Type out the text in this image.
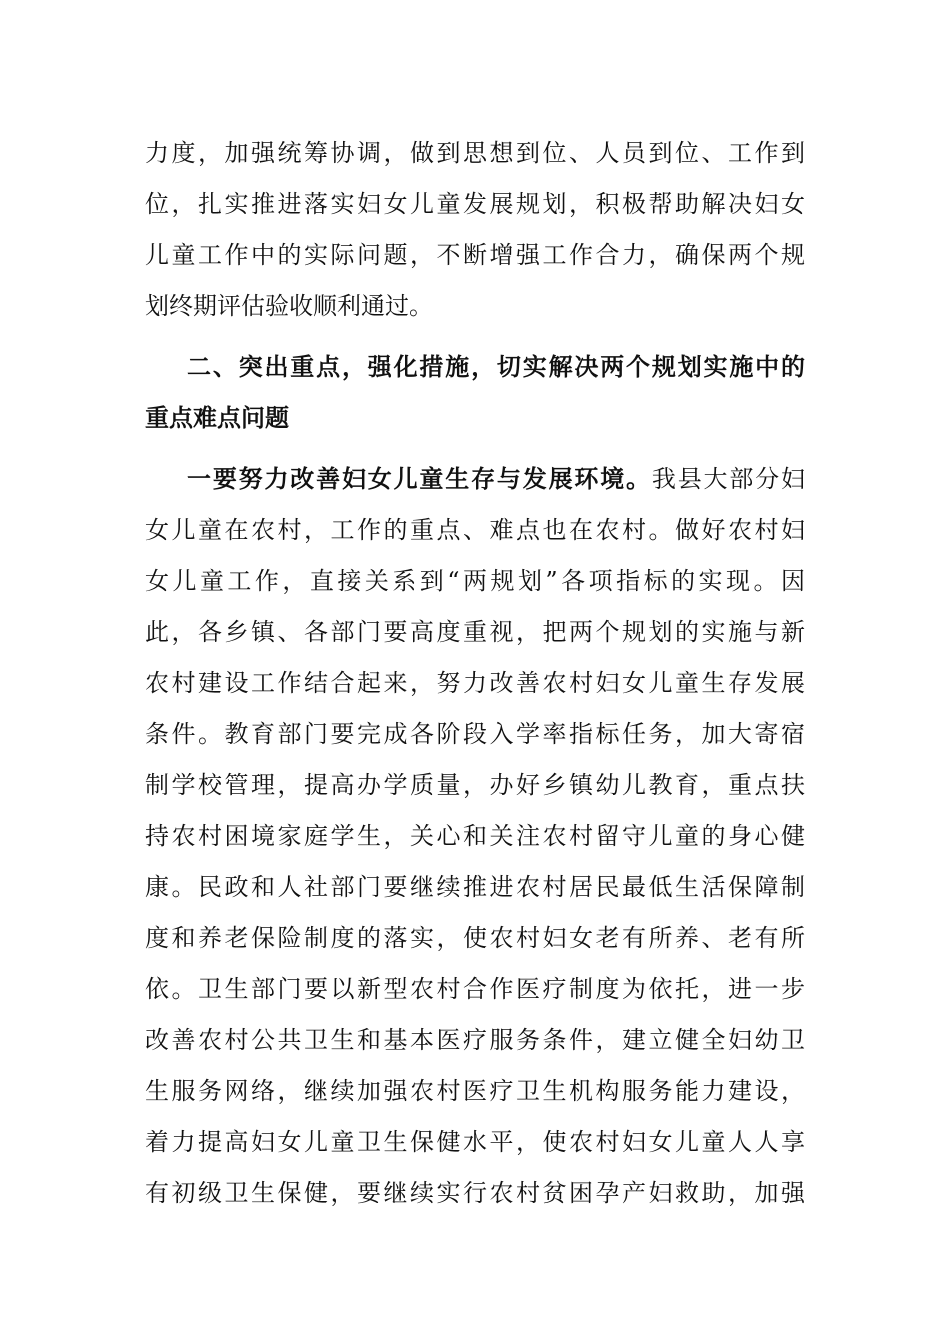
力度，加强统筹协调，做到思想到位、人员到位、工作到
位，扎实推进落实妇女儿童发展规划，积极帮助解决妇女
儿童工作中的实际问题，不断增强工作合力，确保两个规
划终期评估验收顺利通过。
二、突出重点，强化措施，切实解决两个规划实施中的
重点难点问题
一要努力改善妇女儿童生存与发展环境。我县大部分妇
女儿童在农村，工作的重点、难点也在农村。做好农村妇
女儿童工作，直接关系到“两规划”各项指标的实现。因
此，各乡镇、各部门要高度重视，把两个规划的实施与新
农村建设工作结合起来，努力改善农村妇女儿童生存发展
条件。教育部门要完成各阶段入学率指标任务，加大寄宿
制学校管理，提高办学质量，办好乡镇幼儿教育，重点扶
持农村困境家庭学生，关心和关注农村留守儿童的身心健
康。民政和人社部门要继续推进农村居民最低生活保障制
度和养老保险制度的落实，使农村妇女老有所养、老有所
依。卫生部门要以新型农村合作医疗制度为依托，进一步
改善农村公共卫生和基本医疗服务条件，建立健全妇幼卫
生服务网络，继续加强农村医疗卫生机构服务能力建设，
着力提高妇女儿童卫生保健水平，使农村妇女儿童人人享
有初级卫生保健，要继续实行农村贫困孕产妇救助，加强
